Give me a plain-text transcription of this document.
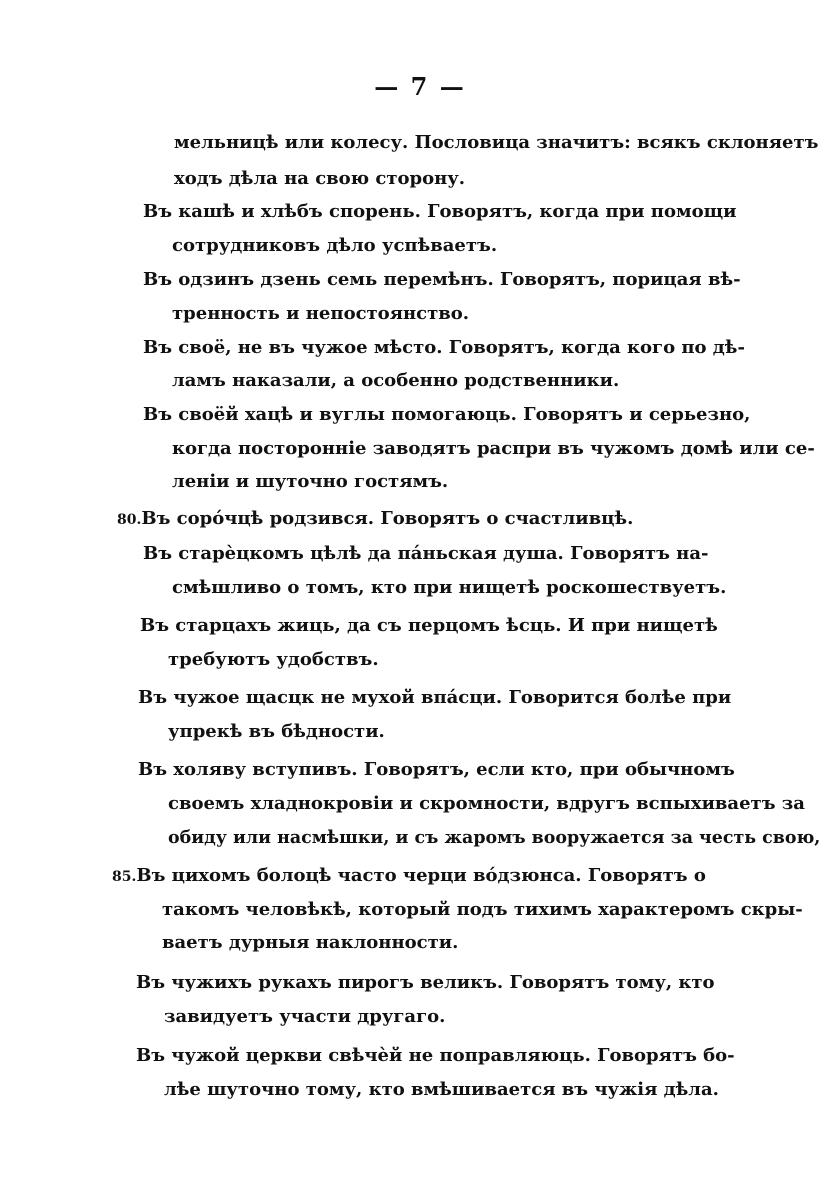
— 7 —
мельницѣ или колесу. Пословица значитъ: всякъ склоняетъ
ходъ дѣла на свою сторону.
Въ кашѣ и хлѣбъ спорень. Говорятъ, когда при помощи
сотрудниковъ дѣло успѣваетъ.
Въ одзинъ дзень семь перемѣнъ. Говорятъ, порицая вѣ-
тренность и непостоянство.
Въ своё, не въ чужое мѣсто. Говорятъ, когда кого по дѣ-
ламъ наказали, а особенно родственники.
Въ своёй хацѣ и вуглы помогаюць. Говорятъ и серьезно,
когда посторонніе заводятъ распри въ чужомъ домѣ или се-
леніи и шуточно гостямъ.
80.Въ сорóчцѣ родзився. Говорятъ о счастливцѣ.
Въ старѐцкомъ цѣлѣ да пáньская душа. Говорятъ на-
смѣшливо о томъ, кто при нищетѣ роскошествуетъ.
Въ старцахъ жиць, да съ перцомъ ѣсць. И при нищетѣ
требуютъ удобствъ.
Въ чужое щасцк не мухой впáсци. Говорится болѣе при
упрекѣ въ бѣдности.
Въ холяву вступивъ. Говорятъ, если кто, при обычномъ
своемъ хладнокровіи и скромности, вдругъ вспыхиваетъ за
обиду или насмѣшки, и съ жаромъ вооружается за честь свою,
85.Въ цихомъ болоцѣ часто черци вóдзюнса. Говорятъ о
такомъ человѣкѣ, который подъ тихимъ характеромъ скры-
ваетъ дурныя наклонности.
Въ чужихъ рукахъ пирогъ великъ. Говорятъ тому, кто
завидуетъ участи другаго.
Въ чужой церкви свѣчѐй не поправляюць. Говорятъ бо-
лѣе шуточно тому, кто вмѣшивается въ чужія дѣла.
